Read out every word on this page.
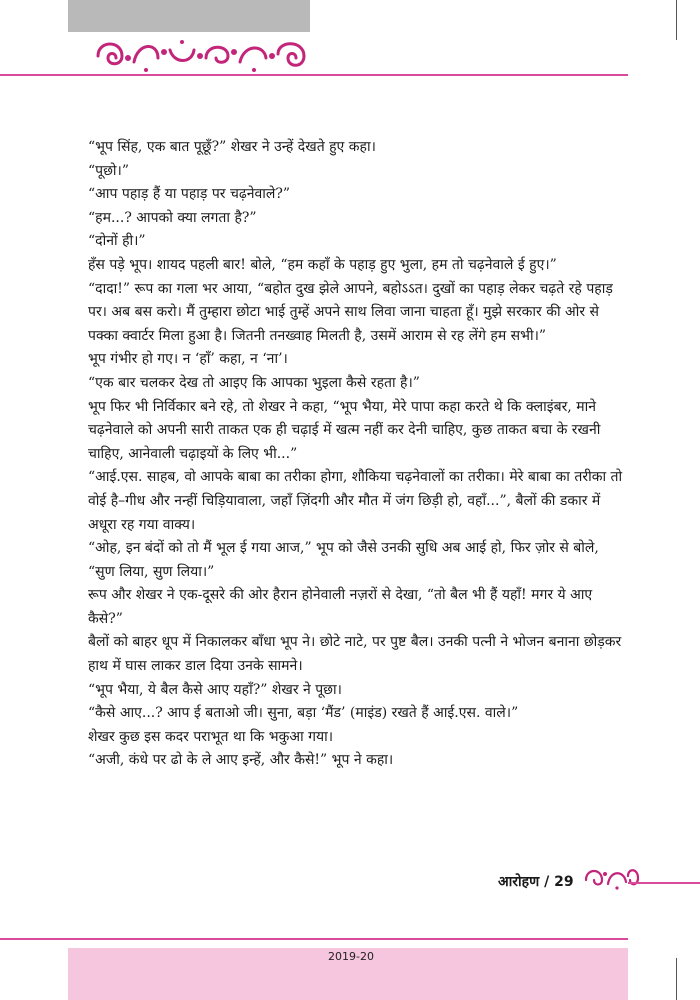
“भूप सिंह, एक बात पूछूँ?” शेखर ने उन्हें देखते हुए कहा।

“पूछो।”

“आप पहाड़ हैं या पहाड़ पर चढ़नेवाले?”

“हम...? आपको क्या लगता है?”

“दोनों ही।”

हँस पड़े भूप। शायद पहली बार! बोले, “हम कहाँ के पहाड़ हुए भुला, हम तो चढ़नेवाले ई हुए।”

“दादा!” रूप का गला भर आया, “बहोत दुख झेले आपने, बहोऽऽत। दुखों का पहाड़ लेकर चढ़ते रहे पहाड़ पर। अब बस करो। मैं तुम्हारा छोटा भाई तुम्हें अपने साथ लिवा जाना चाहता हूँ। मुझे सरकार की ओर से पक्का क्वार्टर मिला हुआ है। जितनी तनख्वाह मिलती है, उसमें आराम से रह लेंगे हम सभी।”

भूप गंभीर हो गए। न ‘हाँ’ कहा, न ‘ना’।

“एक बार चलकर देख तो आइए कि आपका भुइला कैसे रहता है।”

भूप फिर भी निर्विकार बने रहे, तो शेखर ने कहा, “भूप भैया, मेरे पापा कहा करते थे कि क्लाइंबर, माने चढ़नेवाले को अपनी सारी ताकत एक ही चढ़ाई में खत्म नहीं कर देनी चाहिए, कुछ ताकत बचा के रखनी चाहिए, आनेवाली चढ़ाइयों के लिए भी...”

“आई.एस. साहब, वो आपके बाबा का तरीका होगा, शौकिया चढ़नेवालों का तरीका। मेरे बाबा का तरीका तो वोई है–गीध और नन्हीं चिड़ियावाला, जहाँ ज़िंदगी और मौत में जंग छिड़ी हो, वहाँ...”, बैलों की डकार में अधूरा रह गया वाक्य।

“ओह, इन बंदों को तो मैं भूल ई गया आज,” भूप को जैसे उनकी सुधि अब आई हो, फिर ज़ोर से बोले, “सुण लिया, सुण लिया।”

रूप और शेखर ने एक-दूसरे की ओर हैरान होनेवाली नज़रों से देखा, “तो बैल भी हैं यहाँ! मगर ये आए कैसे?”

बैलों को बाहर धूप में निकालकर बाँधा भूप ने। छोटे नाटे, पर पुष्ट बैल। उनकी पत्नी ने भोजन बनाना छोड़कर हाथ में घास लाकर डाल दिया उनके सामने।

“भूप भैया, ये बैल कैसे आए यहाँ?” शेखर ने पूछा।

“कैसे आए...? आप ई बताओ जी। सुना, बड़ा ‘मैंड’ (माइंड) रखते हैं आई.एस. वाले।”

शेखर कुछ इस कदर पराभूत था कि भकुआ गया।

“अजी, कंधे पर ढो के ले आए इन्हें, और कैसे!” भूप ने कहा।

आरोहण / 29
2019-20
